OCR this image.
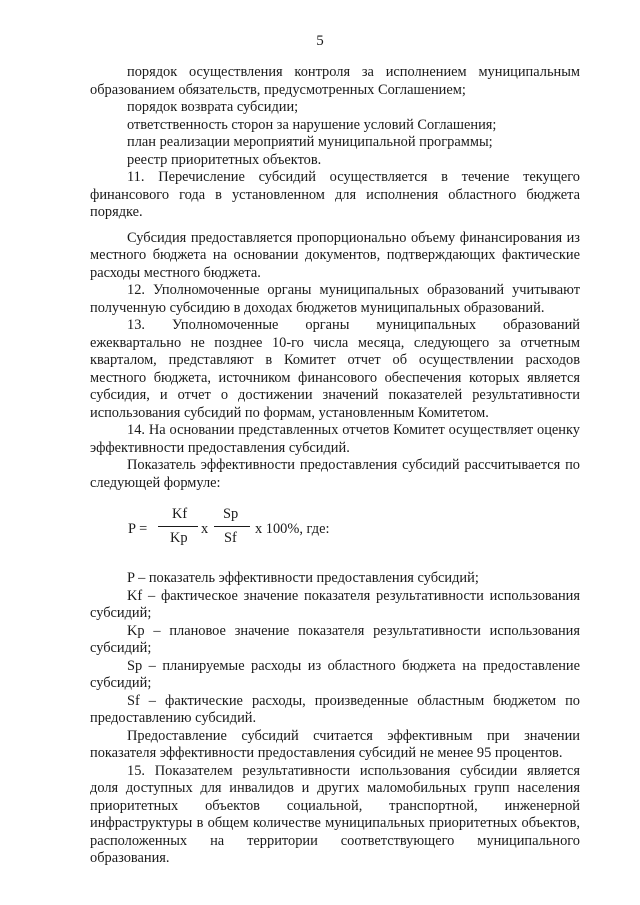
5

порядок осуществления контроля за исполнением муниципальным образованием обязательств, предусмотренных Соглашением;

порядок возврата субсидии;

ответственность сторон за нарушение условий Соглашения;

план реализации мероприятий муниципальной программы;

реестр приоритетных объектов.

11. Перечисление субсидий осуществляется в течение текущего финансового года в установленном для исполнения областного бюджета порядке.

Субсидия предоставляется пропорционально объему финансирования из местного бюджета на основании документов, подтверждающих фактические расходы местного бюджета.

12. Уполномоченные органы муниципальных образований учитывают полученную субсидию в доходах бюджетов муниципальных образований.

13. Уполномоченные органы муниципальных образований ежеквартально не позднее 10-го числа месяца, следующего за отчетным кварталом, представляют в Комитет отчет об осуществлении расходов местного бюджета, источником финансового обеспечения которых является субсидия, и отчет о достижении значений показателей результативности использования субсидий по формам, установленным Комитетом.

14. На основании представленных отчетов Комитет осуществляет оценку эффективности предоставления субсидий.

Показатель эффективности предоставления субсидий рассчитывается по следующей формуле:

P =
Kf
Kp
x
Sp
Sf
x 100%, где:

P – показатель эффективности предоставления субсидий;

Kf – фактическое значение показателя результативности использования субсидий;

Kp – плановое значение показателя результативности использования субсидий;

Sp – планируемые расходы из областного бюджета на предоставление субсидий;

Sf – фактические расходы, произведенные областным бюджетом по предоставлению субсидий.

Предоставление субсидий считается эффективным при значении показателя эффективности предоставления субсидий не менее 95 процентов.

15. Показателем результативности использования субсидии является доля доступных для инвалидов и других маломобильных групп населения приоритетных объектов социальной, транспортной, инженерной инфраструктуры в общем количестве муниципальных приоритетных объектов, расположенных на территории соответствующего муниципального образования.
